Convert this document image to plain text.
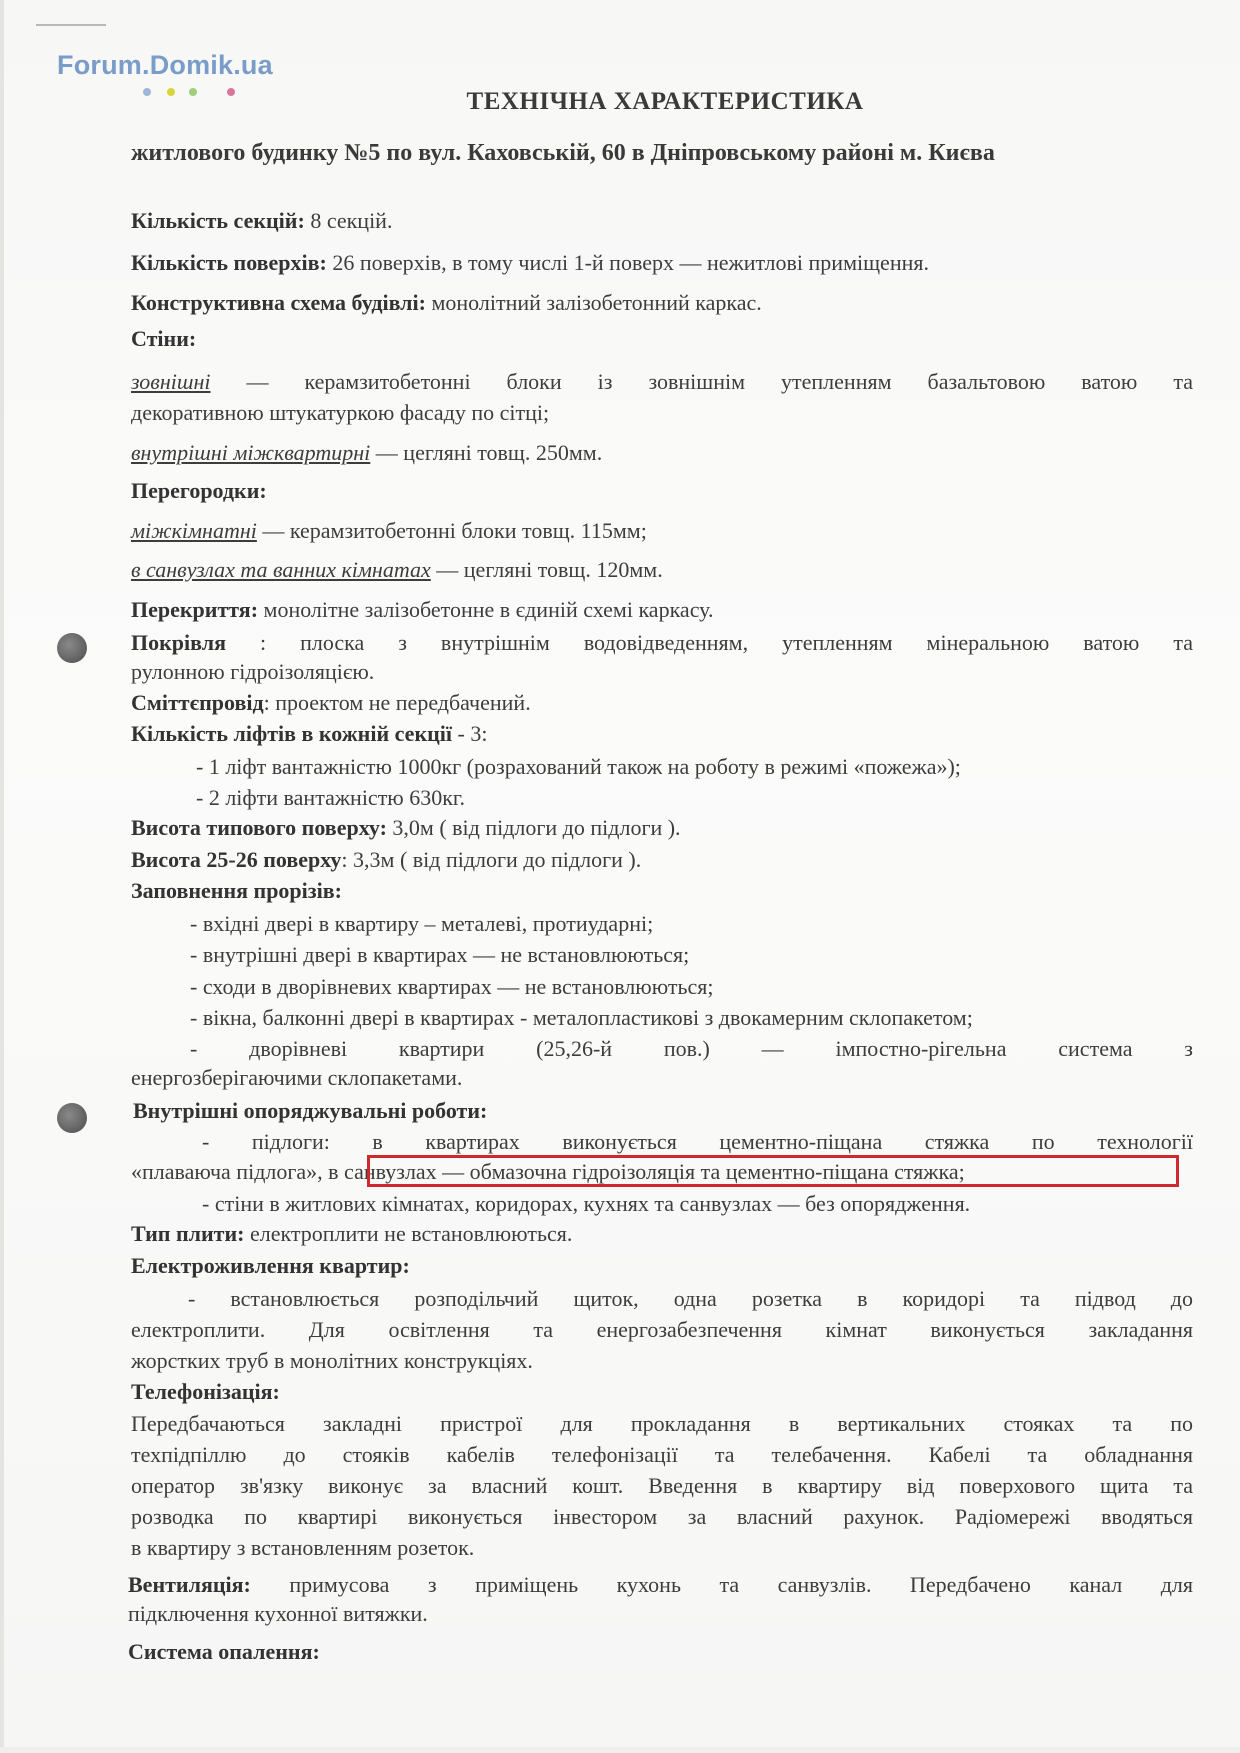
Forum.Domik.ua
ТЕХНІЧНА ХАРАКТЕРИСТИКА
житлового будинку №5 по вул. Каховській, 60 в Дніпровському районі м. Києва
Кількість секцій: 8 секцій.
Кількість поверхів: 26 поверхів, в тому числі 1-й поверх — нежитлові приміщення.
Конструктивна схема будівлі: монолітний залізобетонний каркас.
Стіни:
зовнішні — керамзитобетонні блоки із зовнішнім утепленням базальтовою ватою та
декоративною штукатуркою фасаду по сітці;
внутрішні міжквартирні — цегляні товщ. 250мм.
Перегородки:
міжкімнатні — керамзитобетонні блоки товщ. 115мм;
в санвузлах та ванних кімнатах — цегляні товщ. 120мм.
Перекриття: монолітне залізобетонне в єдиній схемі каркасу.
Покрівля : плоска з внутрішнім водовідведенням, утепленням мінеральною ватою та
рулонною гідроізоляцією.
Сміттєпровід: проектом не передбачений.
Кількість ліфтів в кожній секції - 3:
- 1 ліфт вантажністю 1000кг (розрахований також на роботу в режимі «пожежа»);
- 2 ліфти вантажністю 630кг.
Висота типового поверху: 3,0м ( від підлоги до підлоги ).
Висота 25-26 поверху: 3,3м ( від підлоги до підлоги ).
Заповнення прорізів:
- вхідні двері в квартиру – металеві, протиударні;
- внутрішні двері в квартирах — не встановлюються;
- сходи в дворівневих квартирах — не встановлюються;
- вікна, балконні двері в квартирах - металопластикові з двокамерним склопакетом;
- дворівневі квартири (25,26-й пов.) — імпостно-рігельна система з
енергозберігаючими склопакетами.
Внутрішні опоряджувальні роботи:
- підлоги: в квартирах виконується цементно-піщана стяжка по технології
«плаваюча підлога», в санвузлах — обмазочна гідроізоляція та цементно-піщана стяжка;
- стіни в житлових кімнатах, коридорах, кухнях та санвузлах — без опорядження.
Тип плити: електроплити не встановлюються.
Електроживлення квартир:
- встановлюється розподільчий щиток, одна розетка в коридорі та підвод до
електроплити. Для освітлення та енергозабезпечення кімнат виконується закладання
жорстких труб в монолітних конструкціях.
Телефонізація:
Передбачаються закладні пристрої для прокладання в вертикальних стояках та по
техпідпіллю до стояків кабелів телефонізації та телебачення. Кабелі та обладнання
оператор зв'язку виконує за власний кошт. Введення в квартиру від поверхового щита та
розводка по квартирі виконується інвестором за власний рахунок. Радіомережі вводяться
в квартиру з встановленням розеток.
Вентиляція: примусова з приміщень кухонь та санвузлів. Передбачено канал для
підключення кухонної витяжки.
Система опалення:
